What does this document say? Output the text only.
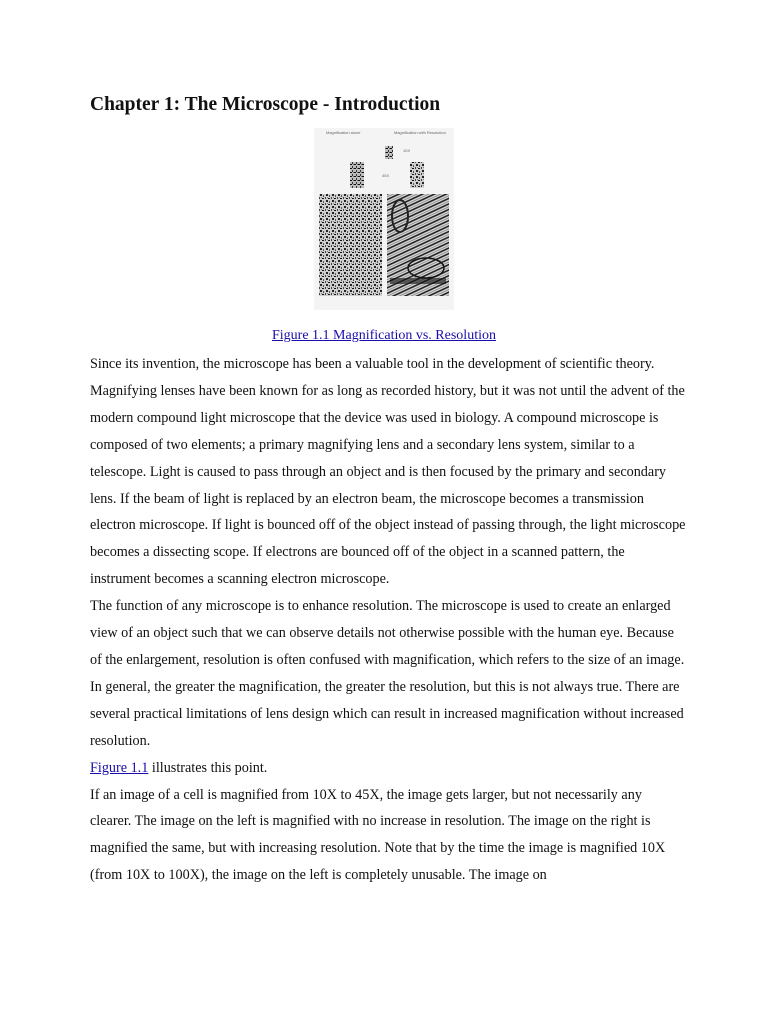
Chapter 1: The Microscope - Introduction
Magnification alone	Magnification with Resolution
10X
45X
Figure 1.1 Magnification vs. Resolution

Since its invention, the microscope has been a valuable tool in the development of scientific theory. Magnifying lenses have been known for as long as recorded history, but it was not until the advent of the modern compound light microscope that the device was used in biology. A compound microscope is composed of two elements; a primary magnifying lens and a secondary lens system, similar to a telescope. Light is caused to pass through an object and is then focused by the primary and secondary lens. If the beam of light is replaced by an electron beam, the microscope becomes a transmission electron microscope. If light is bounced off of the object instead of passing through, the light microscope becomes a dissecting scope. If electrons are bounced off of the object in a scanned pattern, the instrument becomes a scanning electron microscope.

The function of any microscope is to enhance resolution. The microscope is used to create an enlarged view of an object such that we can observe details not otherwise possible with the human eye. Because of the enlargement, resolution is often confused with magnification, which refers to the size of an image. In general, the greater the magnification, the greater the resolution, but this is not always true. There are several practical limitations of lens design which can result in increased magnification without increased resolution.

Figure 1.1 illustrates this point.

If an image of a cell is magnified from 10X to 45X, the image gets larger, but not necessarily any clearer. The image on the left is magnified with no increase in resolution. The image on the right is magnified the same, but with increasing resolution. Note that by the time the image is magnified 10X (from 10X to 100X), the image on the left is completely unusable. The image on
